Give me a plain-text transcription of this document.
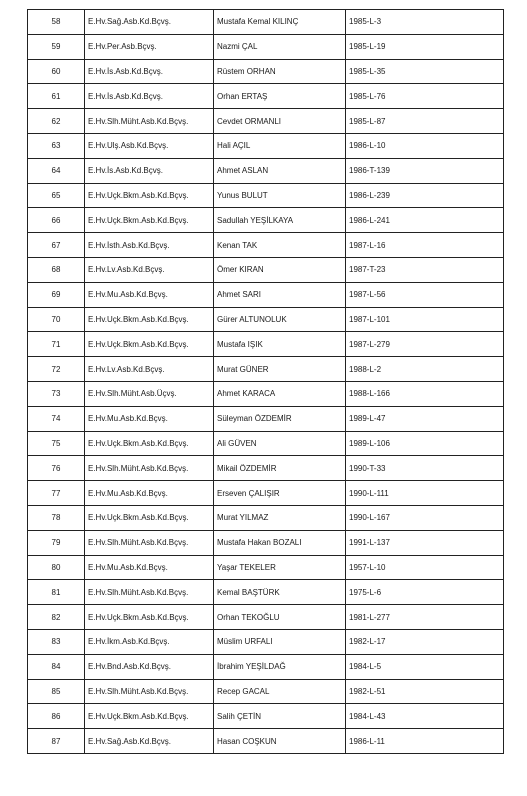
58	E.Hv.Sağ.Asb.Kd.Bçvş.	Mustafa Kemal KILINÇ	1985-L-3
59	E.Hv.Per.Asb.Bçvş.	Nazmi ÇAL	1985-L-19
60	E.Hv.İs.Asb.Kd.Bçvş.	Rüstem ORHAN	1985-L-35
61	E.Hv.İs.Asb.Kd.Bçvş.	Orhan ERTAŞ	1985-L-76
62	E.Hv.Slh.Müht.Asb.Kd.Bçvş.	Cevdet ORMANLI	1985-L-87
63	E.Hv.Ulş.Asb.Kd.Bçvş.	Hali AÇIL	1986-L-10
64	E.Hv.İs.Asb.Kd.Bçvş.	Ahmet ASLAN	1986-T-139
65	E.Hv.Uçk.Bkm.Asb.Kd.Bçvş.	Yunus BULUT	1986-L-239
66	E.Hv.Uçk.Bkm.Asb.Kd.Bçvş.	Sadullah YEŞİLKAYA	1986-L-241
67	E.Hv.İsth.Asb.Kd.Bçvş.	Kenan TAK	1987-L-16
68	E.Hv.Lv.Asb.Kd.Bçvş.	Ömer KIRAN	1987-T-23
69	E.Hv.Mu.Asb.Kd.Bçvş.	Ahmet SARI	1987-L-56
70	E.Hv.Uçk.Bkm.Asb.Kd.Bçvş.	Gürer ALTUNOLUK	1987-L-101
71	E.Hv.Uçk.Bkm.Asb.Kd.Bçvş.	Mustafa IŞIK	1987-L-279
72	E.Hv.Lv.Asb.Kd.Bçvş.	Murat GÜNER	1988-L-2
73	E.Hv.Slh.Müht.Asb.Üçvş.	Ahmet KARACA	1988-L-166
74	E.Hv.Mu.Asb.Kd.Bçvş.	Süleyman ÖZDEMİR	1989-L-47
75	E.Hv.Uçk.Bkm.Asb.Kd.Bçvş.	Ali GÜVEN	1989-L-106
76	E.Hv.Slh.Müht.Asb.Kd.Bçvş.	Mikail ÖZDEMİR	1990-T-33
77	E.Hv.Mu.Asb.Kd.Bçvş.	Erseven ÇALIŞIR	1990-L-111
78	E.Hv.Uçk.Bkm.Asb.Kd.Bçvş.	Murat YILMAZ	1990-L-167
79	E.Hv.Slh.Müht.Asb.Kd.Bçvş.	Mustafa Hakan BOZALI	1991-L-137
80	E.Hv.Mu.Asb.Kd.Bçvş.	Yaşar TEKELER	1957-L-10
81	E.Hv.Slh.Müht.Asb.Kd.Bçvş.	Kemal BAŞTÜRK	1975-L-6
82	E.Hv.Uçk.Bkm.Asb.Kd.Bçvş.	Orhan TEKOĞLU	1981-L-277
83	E.Hv.İkm.Asb.Kd.Bçvş.	Müslim URFALI	1982-L-17
84	E.Hv.Bnd.Asb.Kd.Bçvş.	İbrahim YEŞİLDAĞ	1984-L-5
85	E.Hv.Slh.Müht.Asb.Kd.Bçvş.	Recep GACAL	1982-L-51
86	E.Hv.Uçk.Bkm.Asb.Kd.Bçvş.	Salih ÇETİN	1984-L-43
87	E.Hv.Sağ.Asb.Kd.Bçvş.	Hasan COŞKUN	1986-L-11
